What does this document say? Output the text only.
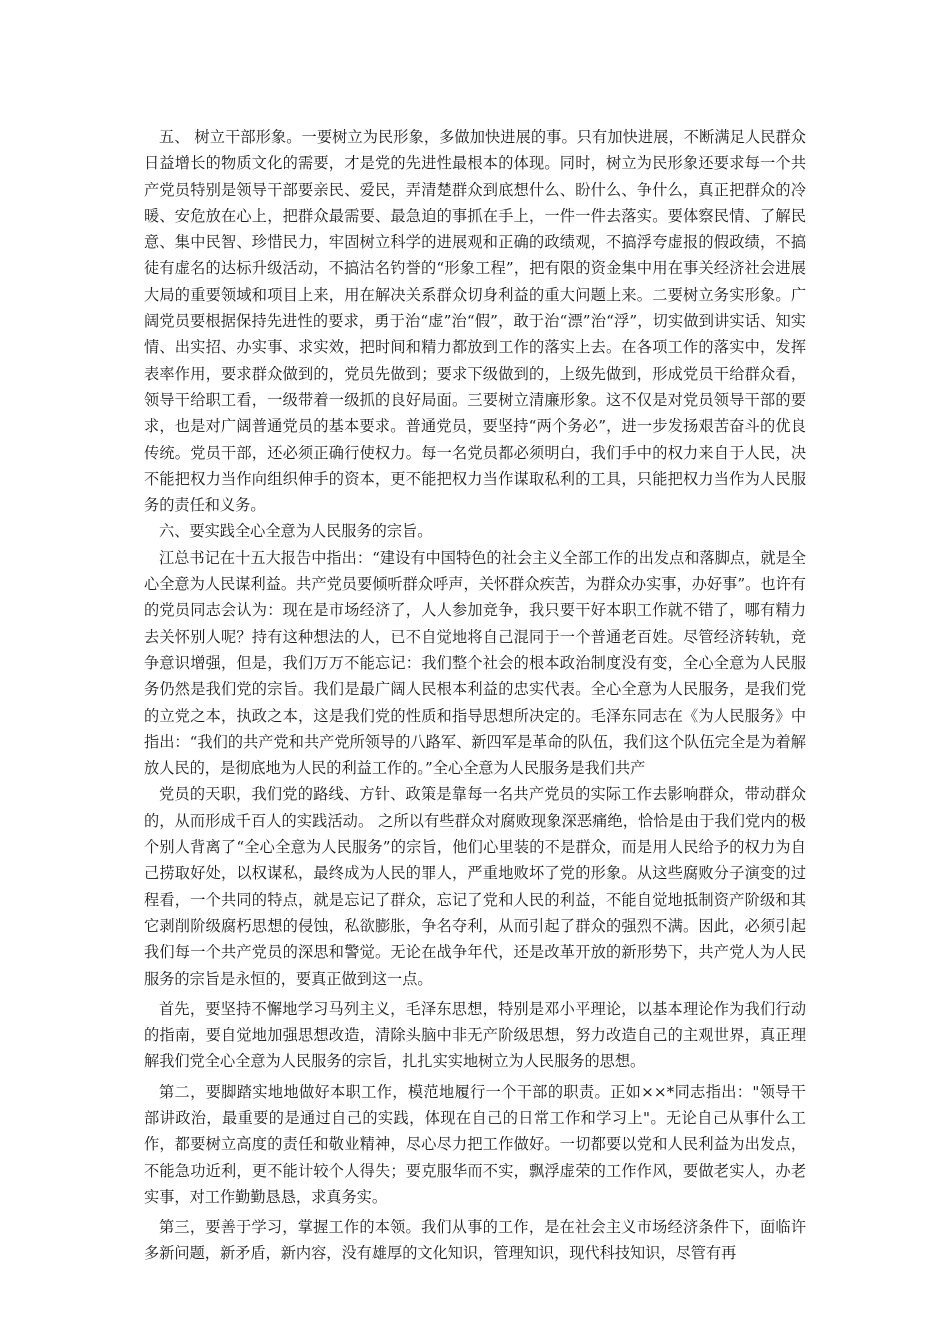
五、 树立干部形象。一要树立为民形象，多做加快进展的事。只有加快进展，不断满足人民群众日益增长的物质文化的需要，才是党的先进性最根本的体现。同时，树立为民形象还要求每一个共产党员特别是领导干部要亲民、爱民，弄清楚群众到底想什么、盼什么、争什么，真正把群众的冷暖、安危放在心上，把群众最需要、最急迫的事抓在手上，一件一件去落实。要体察民情、了解民意、集中民智、珍惜民力，牢固树立科学的进展观和正确的政绩观，不搞浮夸虚报的假政绩，不搞徒有虚名的达标升级活动，不搞沽名钓誉的“形象工程”，把有限的资金集中用在事关经济社会进展大局的重要领域和项目上来，用在解决关系群众切身利益的重大问题上来。二要树立务实形象。广阔党员要根据保持先进性的要求，勇于治“虚”治“假”，敢于治“漂”治“浮”，切实做到讲实话、知实情、出实招、办实事、求实效，把时间和精力都放到工作的落实上去。在各项工作的落实中，发挥表率作用，要求群众做到的，党员先做到；要求下级做到的，上级先做到，形成党员干给群众看，领导干给职工看，一级带着一级抓的良好局面。三要树立清廉形象。这不仅是对党员领导干部的要求，也是对广阔普通党员的基本要求。普通党员，要坚持“两个务必”，进一步发扬艰苦奋斗的优良传统。党员干部，还必须正确行使权力。每一名党员都必须明白，我们手中的权力来自于人民，决不能把权力当作向组织伸手的资本，更不能把权力当作谋取私利的工具，只能把权力当作为人民服务的责任和义务。

六、要实践全心全意为人民服务的宗旨。

江总书记在十五大报告中指出：“建设有中国特色的社会主义全部工作的出发点和落脚点，就是全心全意为人民谋利益。共产党员要倾听群众呼声，关怀群众疾苦，为群众办实事，办好事”。也许有的党员同志会认为：现在是市场经济了，人人参加竞争，我只要干好本职工作就不错了，哪有精力去关怀别人呢？持有这种想法的人，已不自觉地将自己混同于一个普通老百姓。尽管经济转轨，竞争意识增强，但是，我们万万不能忘记：我们整个社会的根本政治制度没有变，全心全意为人民服务仍然是我们党的宗旨。我们是最广阔人民根本利益的忠实代表。全心全意为人民服务，是我们党的立党之本，执政之本，这是我们党的性质和指导思想所决定的。毛泽东同志在《为人民服务》中指出：“我们的共产党和共产党所领导的八路军、新四军是革命的队伍，我们这个队伍完全是为着解放人民的，是彻底地为人民的利益工作的。”全心全意为人民服务是我们共产

党员的天职，我们党的路线、方针、政策是靠每一名共产党员的实际工作去影响群众，带动群众的，从而形成千百人的实践活动。 之所以有些群众对腐败现象深恶痛绝，恰恰是由于我们党内的极个别人背离了“全心全意为人民服务”的宗旨，他们心里装的不是群众，而是用人民给予的权力为自己捞取好处，以权谋私，最终成为人民的罪人，严重地败坏了党的形象。从这些腐败分子演变的过程看，一个共同的特点，就是忘记了群众，忘记了党和人民的利益，不能自觉地抵制资产阶级和其它剥削阶级腐朽思想的侵蚀，私欲膨胀，争名夺利，从而引起了群众的强烈不满。因此，必须引起我们每一个共产党员的深思和警觉。无论在战争年代，还是改革开放的新形势下，共产党人为人民服务的宗旨是永恒的，要真正做到这一点。

首先，要坚持不懈地学习马列主义，毛泽东思想，特别是邓小平理论，以基本理论作为我们行动的指南，要自觉地加强思想改造，清除头脑中非无产阶级思想，努力改造自己的主观世界，真正理解我们党全心全意为人民服务的宗旨，扎扎实实地树立为人民服务的思想。

第二，要脚踏实地地做好本职工作，模范地履行一个干部的职责。正如××*同志指出："领导干部讲政治，最重要的是通过自己的实践，体现在自己的日常工作和学习上"。无论自己从事什么工作，都要树立高度的责任和敬业精神，尽心尽力把工作做好。一切都要以党和人民利益为出发点，不能急功近利，更不能计较个人得失；要克服华而不实，飘浮虚荣的工作作风，要做老实人，办老实事，对工作勤勤恳恳，求真务实。

第三，要善于学习，掌握工作的本领。我们从事的工作，是在社会主义市场经济条件下，面临许多新问题，新矛盾，新内容，没有雄厚的文化知识，管理知识，现代科技知识，尽管有再
